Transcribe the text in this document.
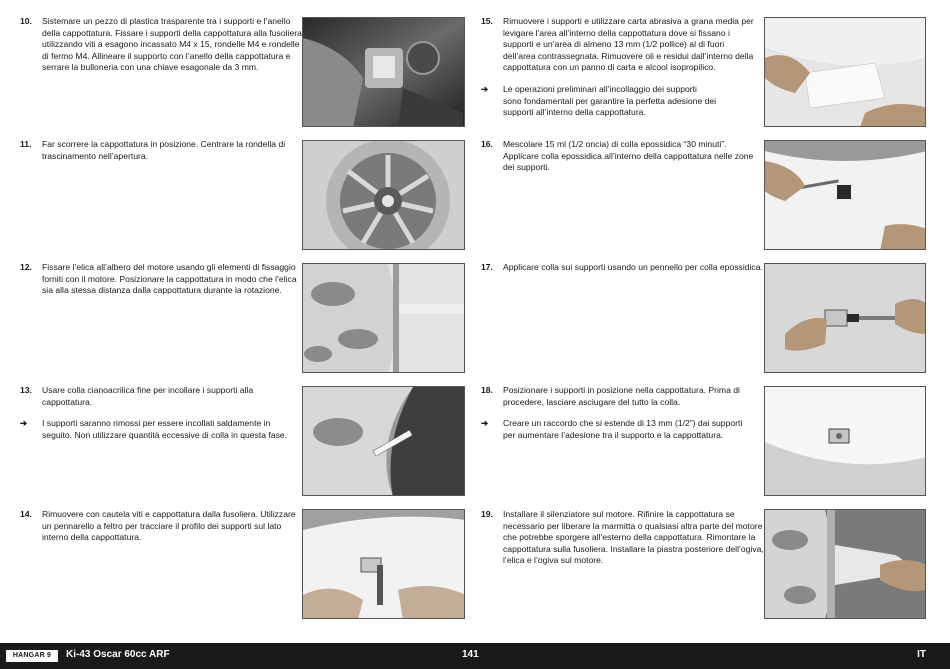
10.	Sistemare un pezzo di plastica trasparente tra i supporti e l’anello della cappottatura. Fissare i supporti della cappottatura alla fusoliera utilizzando viti a esagono incassato M4 x 15, rondelle M4 e rondelle di fermo M4. Allineare il supporto con l’anello della cappottatura e serrare la bulloneria con una chiave esagonale da 3 mm.
11.	Far scorrere la cappottatura in posizione. Centrare la rondella di trascinamento nell’apertura.
12.	Fissare l’elica all’albero del motore usando gli elementi di fissaggio forniti con il motore. Posizionare la cappottatura in modo che l’elica sia alla stessa distanza dalla cappottatura durante la rotazione.
13.	Usare colla cianoacrilica fine per incollare i supporti alla cappottatura.
➔ I supporti saranno rimossi per essere incollati saldamente in seguito. Non utilizzare quantità eccessive di colla in questa fase.
14.	Rimuovere con cautela viti e cappottatura dalla fusoliera. Utilizzare un pennarello a feltro per tracciare il profilo dei supporti sul lato interno della cappottatura.
15.	Rimuovere i supporti e utilizzare carta abrasiva a grana media per levigare l’area all’interno della cappottatura dove si fissano i supporti e un’area di almeno 13 mm (1/2 pollice) al di fuori dell’area contrassegnata. Rimuovere oli e residui dall’interno della cappottatura con un panno di carta e alcool isopropilico.
➔ Le operazioni preliminari all’incollaggio dei supporti sono fondamentali per garantire la perfetta adesione dei supporti all’interno della cappottatura.
16.	Mescolare 15 ml (1/2 oncia) di colla epossidica “30 minuti”. Applicare colla epossidica all’interno della cappottatura nelle zone dei supporti.
17.	Applicare colla sui supporti usando un pennello per colla epossidica.
18.	Posizionare i supporti in posizione nella cappottatura. Prima di procedere, lasciare asciugare del tutto la colla.
➔ Creare un raccordo che si estende di 13 mm (1/2”) dai supporti per aumentare l’adesione tra il supporto e la cappottatura.
19.	Installare il silenziatore sul motore. Rifinire la cappottatura se necessario per liberare la marmitta o qualsiasi altra parte del motore che potrebbe sporgere all’esterno della cappottatura. Rimontare la cappottatura sulla fusoliera. Installare la piastra posteriore dell’ogiva, l’elica e l’ogiva sul motore.
HANGAR 9	Ki-43 Oscar 60cc ARF	141	IT
